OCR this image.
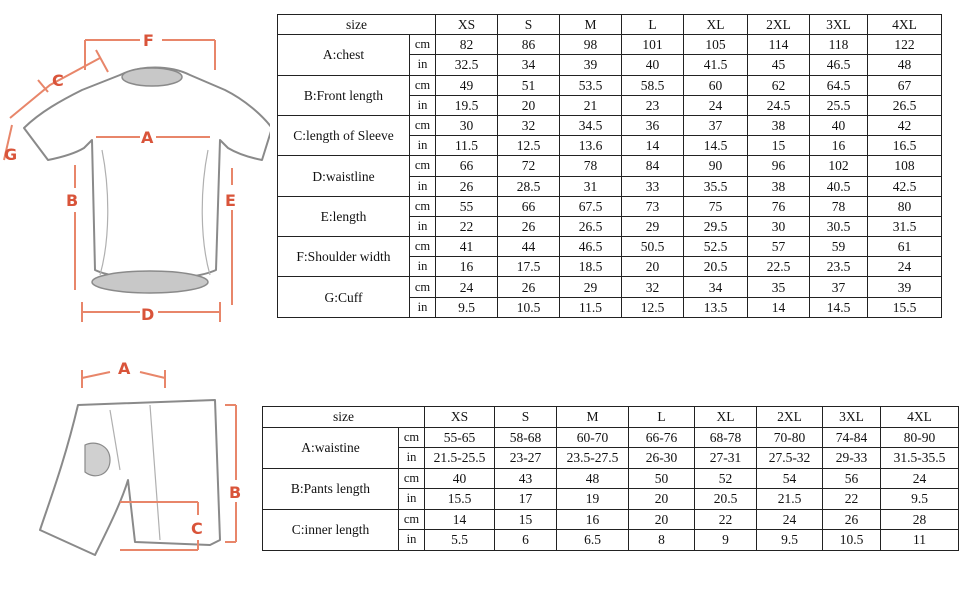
F
C
A
G
B	E
D
A
B
C
size		XS	S	M	L	XL	2XL	3XL	4XL
A:chest	cm	82	86	98	101	105	114	118	122
	in	32.5	34	39	40	41.5	45	46.5	48
B:Front length	cm	49	51	53.5	58.5	60	62	64.5	67
	in	19.5	20	21	23	24	24.5	25.5	26.5
C:length of Sleeve	cm	30	32	34.5	36	37	38	40	42
	in	11.5	12.5	13.6	14	14.5	15	16	16.5
D:waistline	cm	66	72	78	84	90	96	102	108
	in	26	28.5	31	33	35.5	38	40.5	42.5
E:length	cm	55	66	67.5	73	75	76	78	80
	in	22	26	26.5	29	29.5	30	30.5	31.5
F:Shoulder width	cm	41	44	46.5	50.5	52.5	57	59	61
	in	16	17.5	18.5	20	20.5	22.5	23.5	24
G:Cuff	cm	24	26	29	32	34	35	37	39
	in	9.5	10.5	11.5	12.5	13.5	14	14.5	15.5
size		XS	S	M	L	XL	2XL	3XL	4XL
A:waistine	cm	55-65	58-68	60-70	66-76	68-78	70-80	74-84	80-90
	in	21.5-25.5	23-27	23.5-27.5	26-30	27-31	27.5-32	29-33	31.5-35.5
B:Pants length	cm	40	43	48	50	52	54	56	24
	in	15.5	17	19	20	20.5	21.5	22	9.5
C:inner length	cm	14	15	16	20	22	24	26	28
	in	5.5	6	6.5	8	9	9.5	10.5	11
